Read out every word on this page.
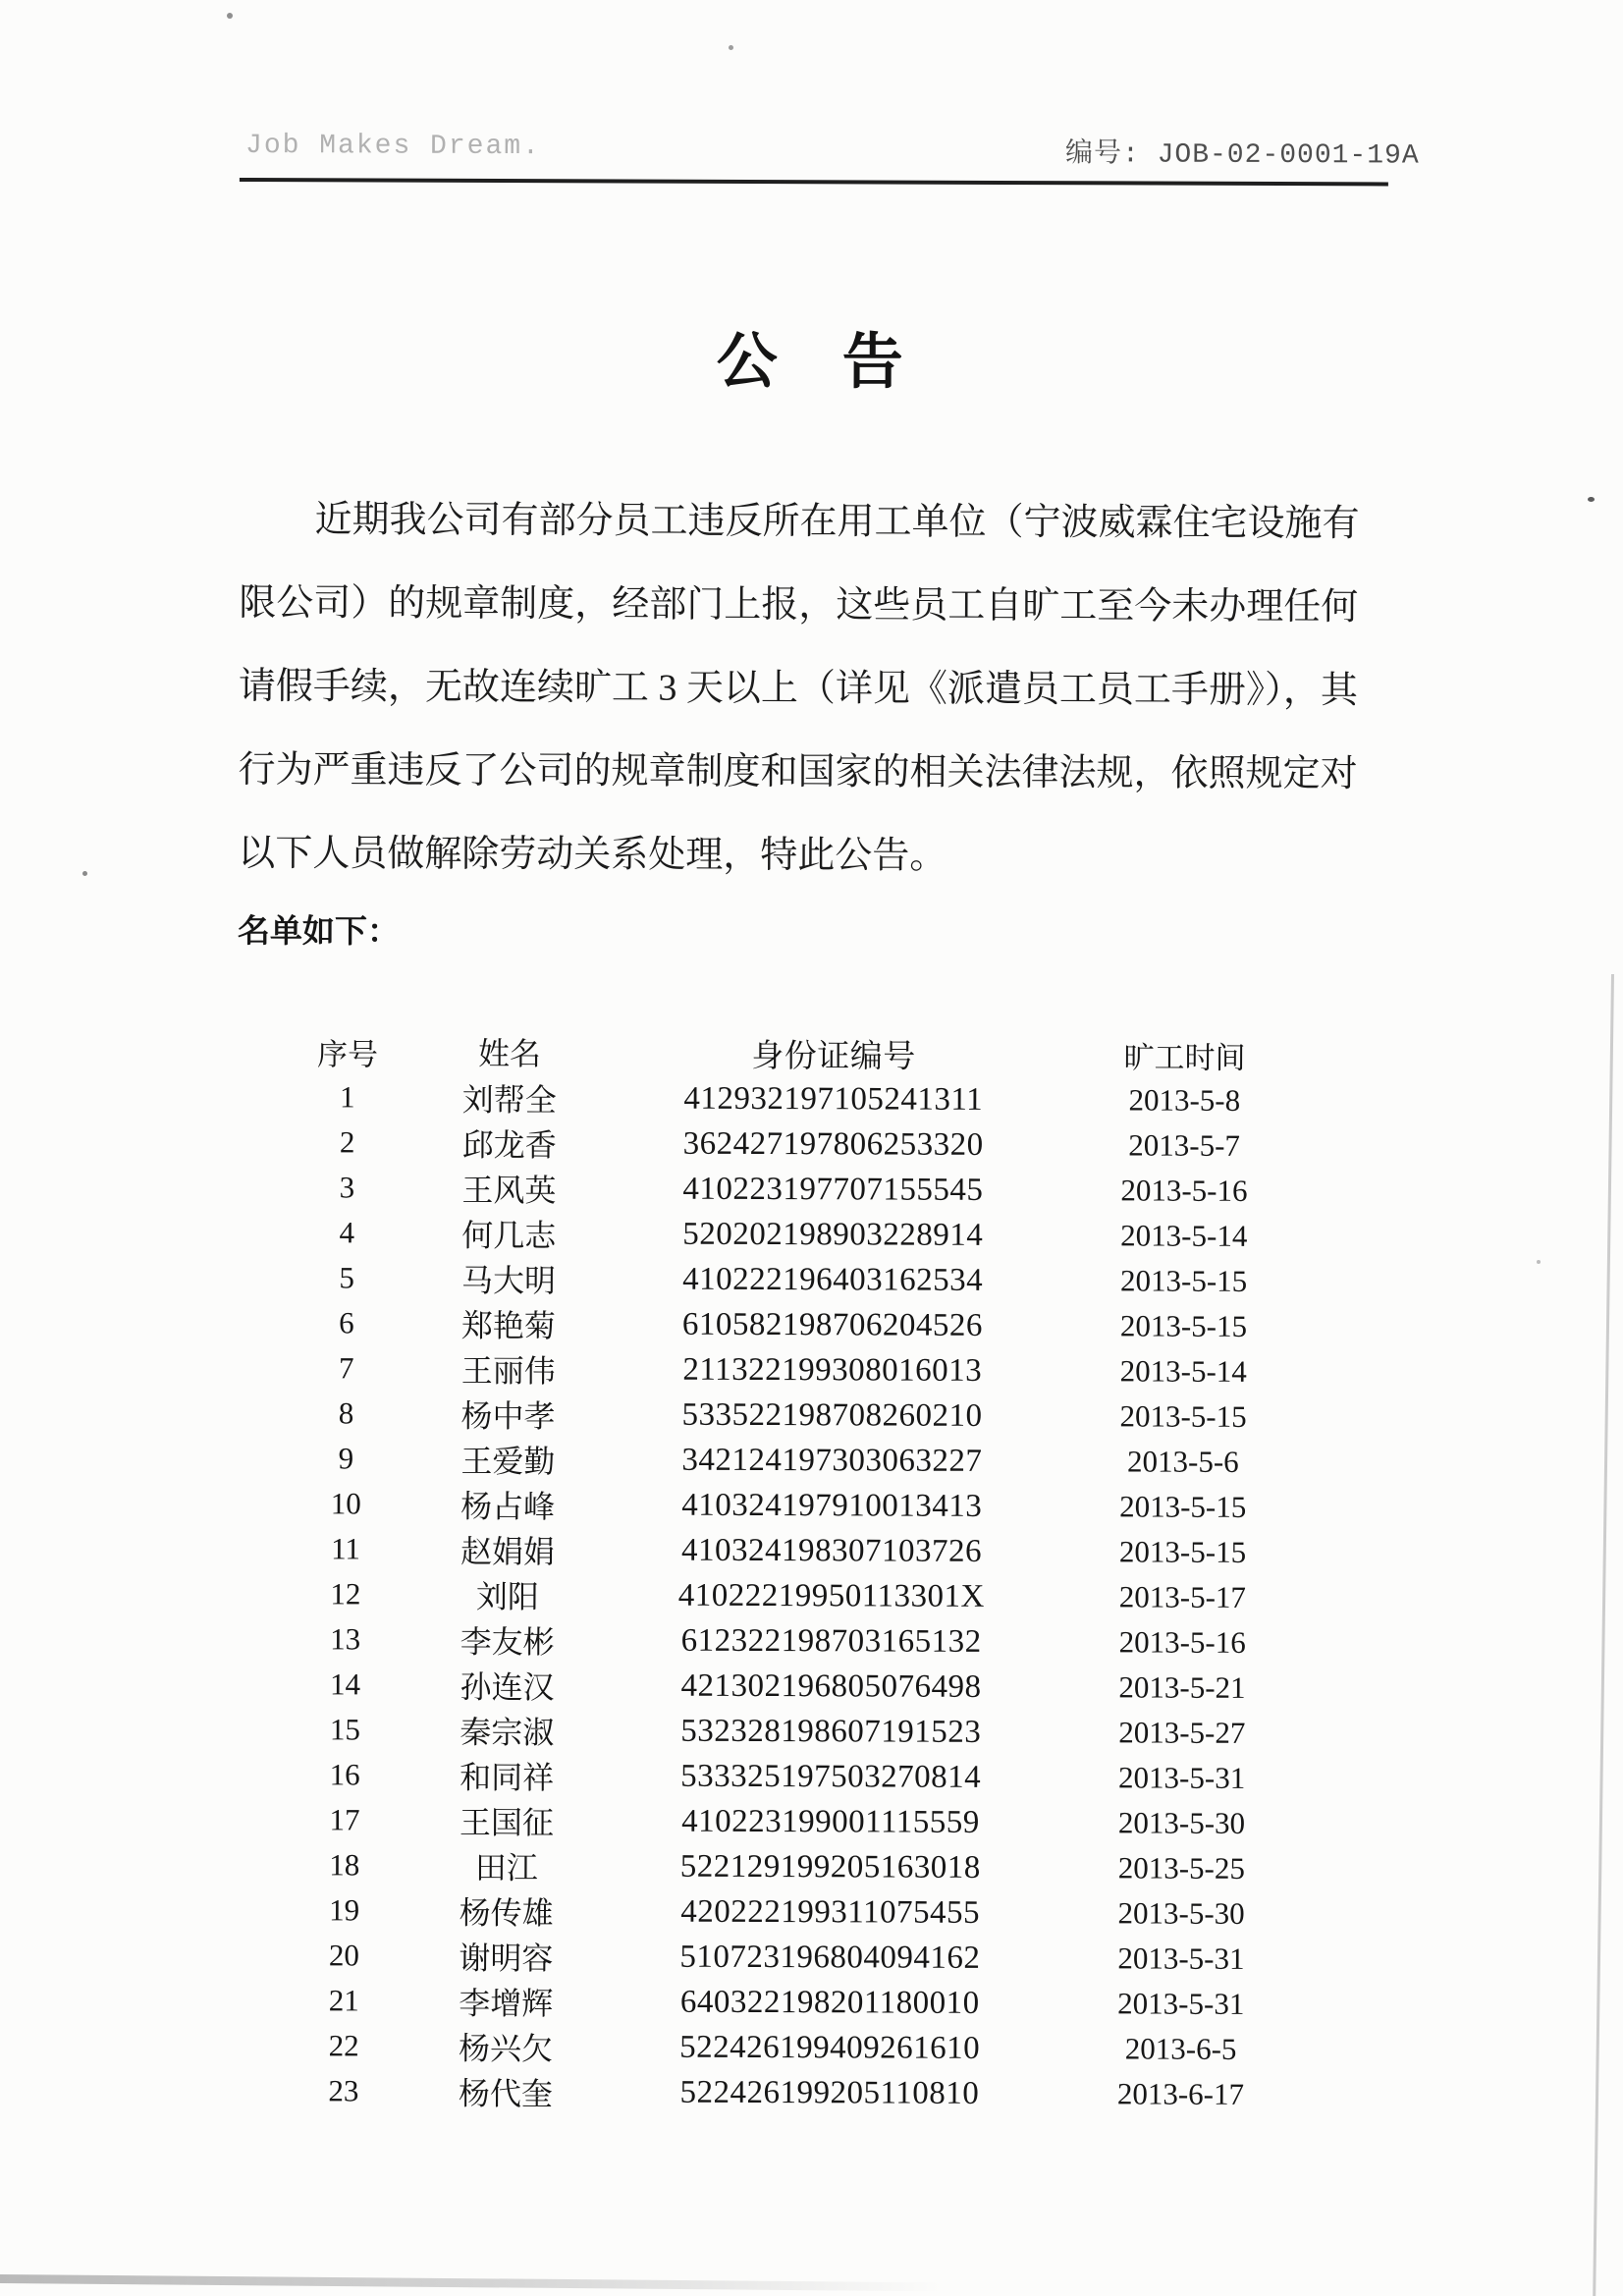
Job Makes Dream.	编号: JOB-02-0001-19A
公　告
近期我公司有部分员工违反所在用工单位（宁波威霖住宅设施有
限公司）的规章制度，经部门上报，这些员工自旷工至今未办理任何
请假手续，无故连续旷工 3 天以上（详见《派遣员工员工手册》），其
行为严重违反了公司的规章制度和国家的相关法律法规，依照规定对
以下人员做解除劳动关系处理，特此公告。
名单如下：
序号	姓名	身份证编号	旷工时间
1	刘帮全	412932197105241311	2013-5-8
2	邱龙香	362427197806253320	2013-5-7
3	王风英	410223197707155545	2013-5-16
4	何几志	520202198903228914	2013-5-14
5	马大明	410222196403162534	2013-5-15
6	郑艳菊	610582198706204526	2013-5-15
7	王丽伟	211322199308016013	2013-5-14
8	杨中孝	533522198708260210	2013-5-15
9	王爱勤	342124197303063227	2013-5-6
10	杨占峰	410324197910013413	2013-5-15
11	赵娟娟	410324198307103726	2013-5-15
12	刘阳	41022219950113301X	2013-5-17
13	李友彬	612322198703165132	2013-5-16
14	孙连汉	421302196805076498	2013-5-21
15	秦宗淑	532328198607191523	2013-5-27
16	和同祥	533325197503270814	2013-5-31
17	王国征	410223199001115559	2013-5-30
18	田江	522129199205163018	2013-5-25
19	杨传雄	420222199311075455	2013-5-30
20	谢明容	510723196804094162	2013-5-31
21	李增辉	640322198201180010	2013-5-31
22	杨兴欠	522426199409261610	2013-6-5
23	杨代奎	522426199205110810	2013-6-17
